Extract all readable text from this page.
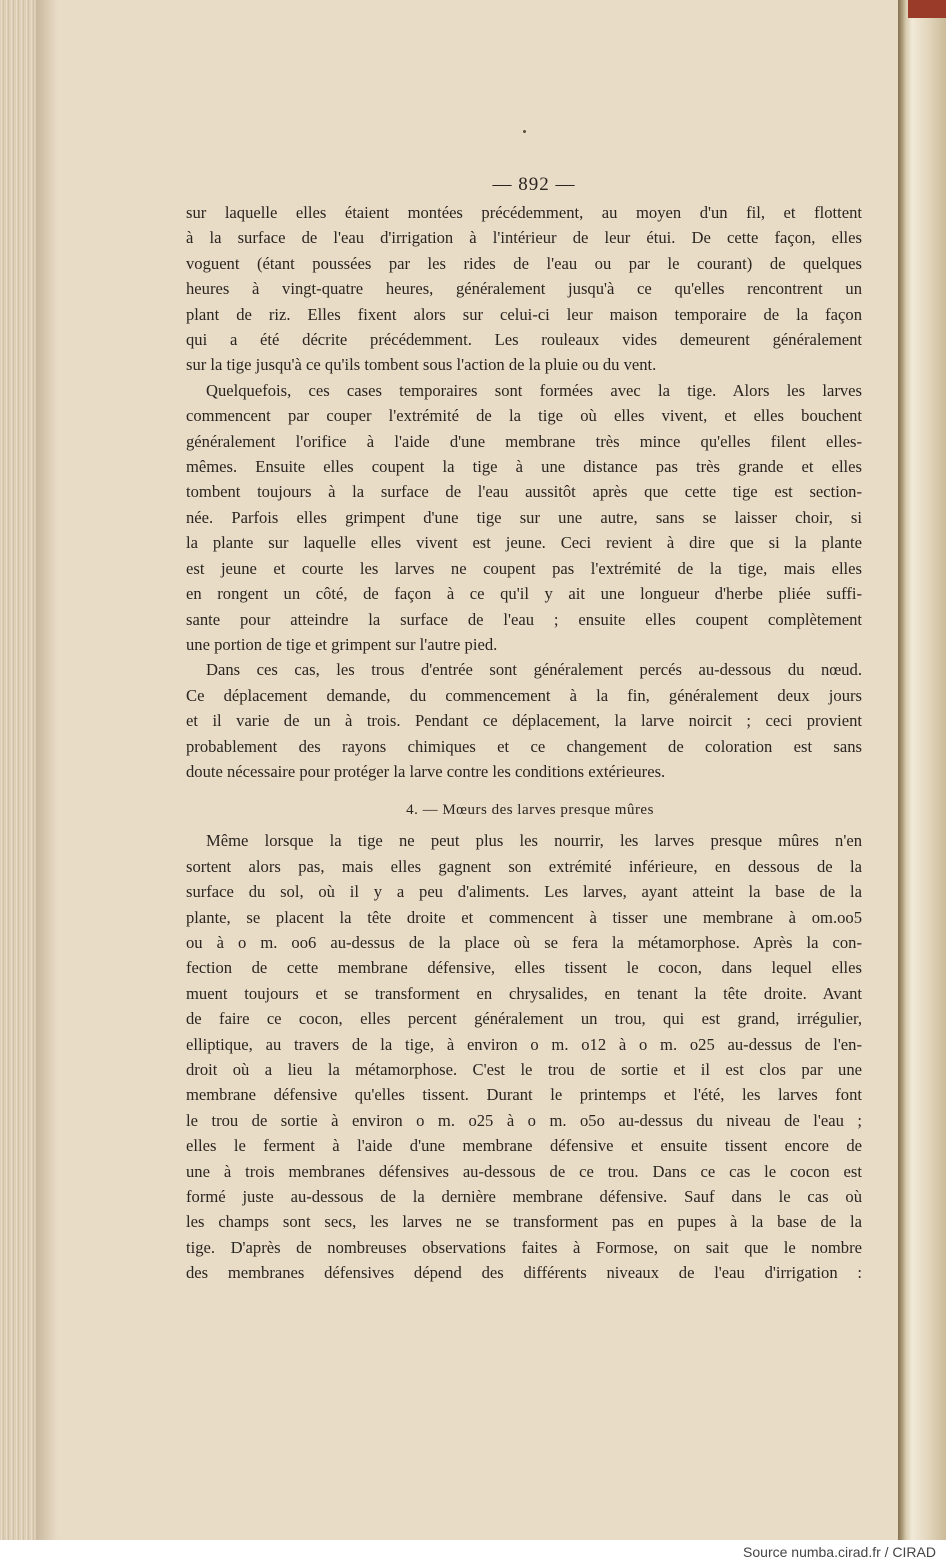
— 892 —

sur laquelle elles étaient montées précédemment, au moyen d'un fil, et flottent
à la surface de l'eau d'irrigation à l'intérieur de leur étui. De cette façon, elles
voguent (étant poussées par les rides de l'eau ou par le courant) de quelques
heures à vingt-quatre heures, généralement jusqu'à ce qu'elles rencontrent un
plant de riz. Elles fixent alors sur celui-ci leur maison temporaire de la façon
qui a été décrite précédemment. Les rouleaux vides demeurent généralement
sur la tige jusqu'à ce qu'ils tombent sous l'action de la pluie ou du vent.

Quelquefois, ces cases temporaires sont formées avec la tige. Alors les larves
commencent par couper l'extrémité de la tige où elles vivent, et elles bouchent
généralement l'orifice à l'aide d'une membrane très mince qu'elles filent elles-
mêmes. Ensuite elles coupent la tige à une distance pas très grande et elles
tombent toujours à la surface de l'eau aussitôt après que cette tige est section-
née. Parfois elles grimpent d'une tige sur une autre, sans se laisser choir, si
la plante sur laquelle elles vivent est jeune. Ceci revient à dire que si la plante
est jeune et courte les larves ne coupent pas l'extrémité de la tige, mais elles
en rongent un côté, de façon à ce qu'il y ait une longueur d'herbe pliée suffi-
sante pour atteindre la surface de l'eau ; ensuite elles coupent complètement
une portion de tige et grimpent sur l'autre pied.

Dans ces cas, les trous d'entrée sont généralement percés au-dessous du nœud.
Ce déplacement demande, du commencement à la fin, généralement deux jours
et il varie de un à trois. Pendant ce déplacement, la larve noircit ; ceci provient
probablement des rayons chimiques et ce changement de coloration est sans
doute nécessaire pour protéger la larve contre les conditions extérieures.

4. — Mœurs des larves presque mûres

Même lorsque la tige ne peut plus les nourrir, les larves presque mûres n'en
sortent alors pas, mais elles gagnent son extrémité inférieure, en dessous de la
surface du sol, où il y a peu d'aliments. Les larves, ayant atteint la base de la
plante, se placent la tête droite et commencent à tisser une membrane à om.oo5
ou à o m. oo6 au-dessus de la place où se fera la métamorphose. Après la con-
fection de cette membrane défensive, elles tissent le cocon, dans lequel elles
muent toujours et se transforment en chrysalides, en tenant la tête droite. Avant
de faire ce cocon, elles percent généralement un trou, qui est grand, irrégulier,
elliptique, au travers de la tige, à environ o m. o12 à o m. o25 au-dessus de l'en-
droit où a lieu la métamorphose. C'est le trou de sortie et il est clos par une
membrane défensive qu'elles tissent. Durant le printemps et l'été, les larves font
le trou de sortie à environ o m. o25 à o m. o5o au-dessus du niveau de l'eau ;
elles le ferment à l'aide d'une membrane défensive et ensuite tissent encore de
une à trois membranes défensives au-dessous de ce trou. Dans ce cas le cocon est
formé juste au-dessous de la dernière membrane défensive. Sauf dans le cas où
les champs sont secs, les larves ne se transforment pas en pupes à la base de la
tige. D'après de nombreuses observations faites à Formose, on sait que le nombre
des membranes défensives dépend des différents niveaux de l'eau d'irrigation :

Source numba.cirad.fr / CIRAD
